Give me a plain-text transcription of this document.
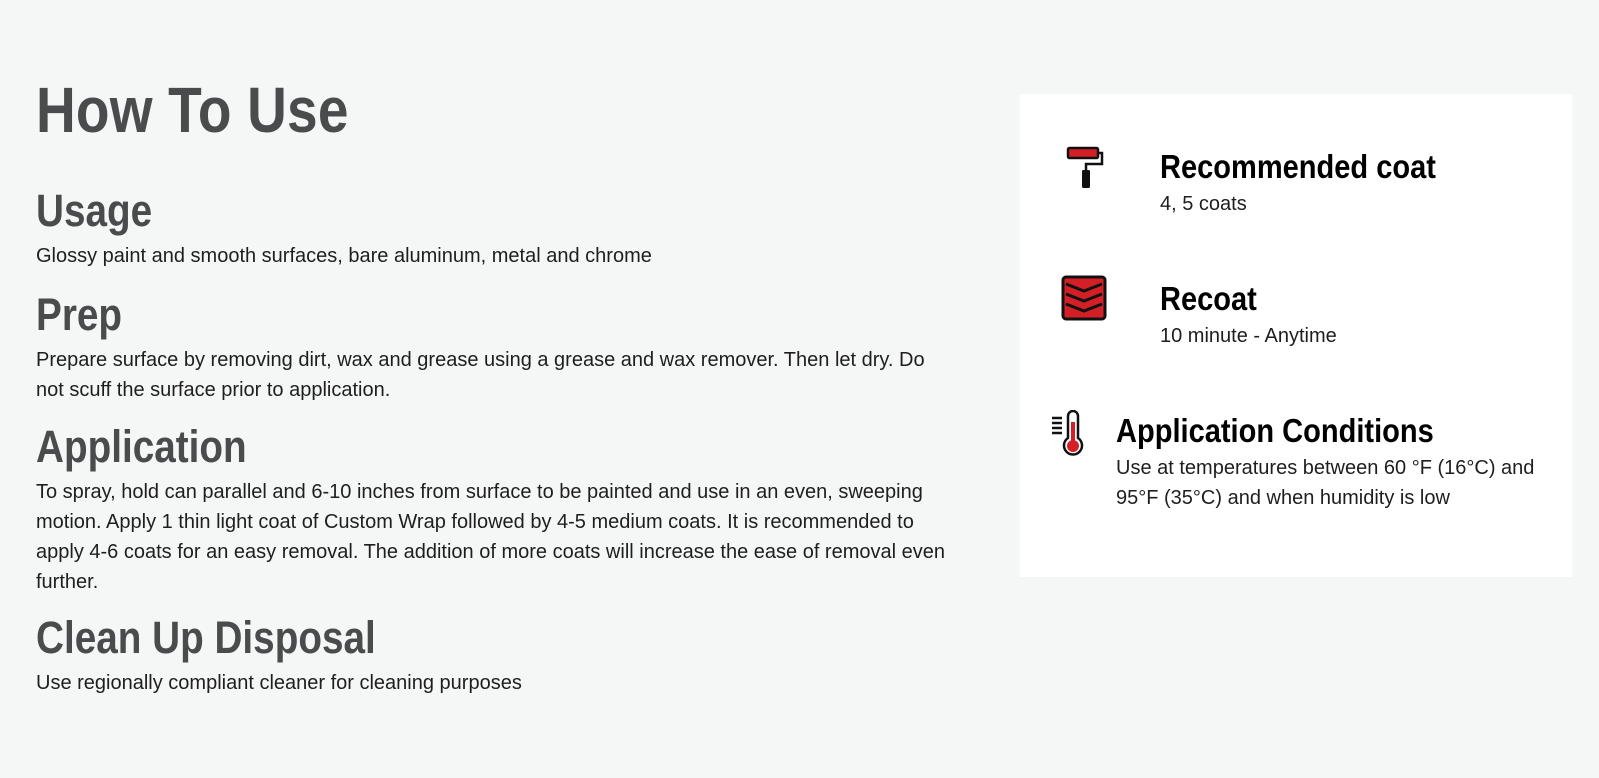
How To Use
Usage

Glossy paint and smooth surfaces, bare aluminum, metal and chrome

Prep

Prepare surface by removing dirt, wax and grease using a grease and wax remover. Then let dry. Do not scuff the surface prior to application.

Application

To spray, hold can parallel and 6-10 inches from surface to be painted and use in an even, sweeping motion. Apply 1 thin light coat of Custom Wrap followed by 4-5 medium coats. It is recommended to apply 4-6 coats for an easy removal. The addition of more coats will increase the ease of removal even further.

Clean Up Disposal

Use regionally compliant cleaner for cleaning purposes

Recommended coat

4, 5 coats

Recoat

10 minute - Anytime

Application Conditions

Use at temperatures between 60 °F (16°C) and 95°F (35°C) and when humidity is low
